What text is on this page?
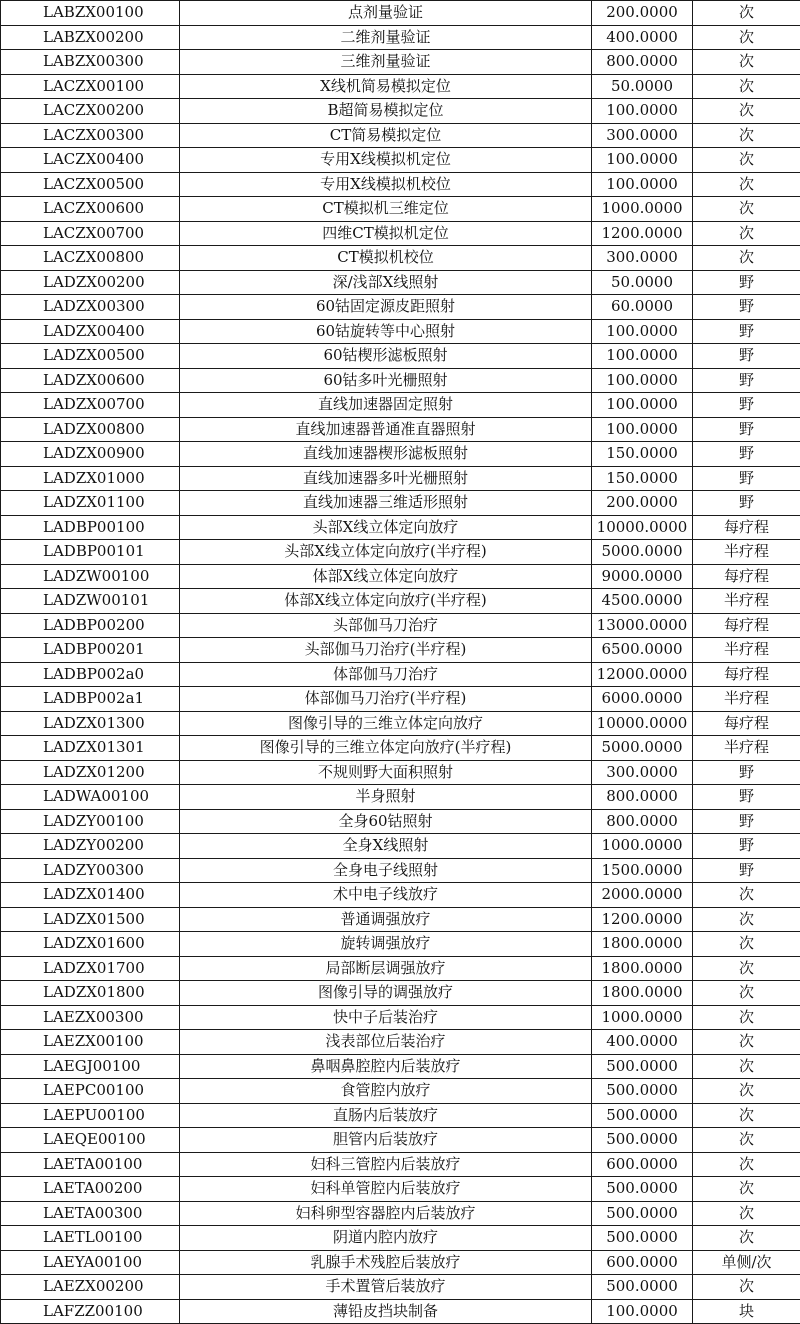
LABZX00100	点剂量验证	200.0000	次
LABZX00200	二维剂量验证	400.0000	次
LABZX00300	三维剂量验证	800.0000	次
LACZX00100	X线机简易模拟定位	50.0000	次
LACZX00200	B超简易模拟定位	100.0000	次
LACZX00300	CT简易模拟定位	300.0000	次
LACZX00400	专用X线模拟机定位	100.0000	次
LACZX00500	专用X线模拟机校位	100.0000	次
LACZX00600	CT模拟机三维定位	1000.0000	次
LACZX00700	四维CT模拟机定位	1200.0000	次
LACZX00800	CT模拟机校位	300.0000	次
LADZX00200	深/浅部X线照射	50.0000	野
LADZX00300	60钴固定源皮距照射	60.0000	野
LADZX00400	60钴旋转等中心照射	100.0000	野
LADZX00500	60钴楔形滤板照射	100.0000	野
LADZX00600	60钴多叶光栅照射	100.0000	野
LADZX00700	直线加速器固定照射	100.0000	野
LADZX00800	直线加速器普通准直器照射	100.0000	野
LADZX00900	直线加速器楔形滤板照射	150.0000	野
LADZX01000	直线加速器多叶光栅照射	150.0000	野
LADZX01100	直线加速器三维适形照射	200.0000	野
LADBP00100	头部X线立体定向放疗	10000.0000	每疗程
LADBP00101	头部X线立体定向放疗(半疗程)	5000.0000	半疗程
LADZW00100	体部X线立体定向放疗	9000.0000	每疗程
LADZW00101	体部X线立体定向放疗(半疗程)	4500.0000	半疗程
LADBP00200	头部伽马刀治疗	13000.0000	每疗程
LADBP00201	头部伽马刀治疗(半疗程)	6500.0000	半疗程
LADBP002a0	体部伽马刀治疗	12000.0000	每疗程
LADBP002a1	体部伽马刀治疗(半疗程)	6000.0000	半疗程
LADZX01300	图像引导的三维立体定向放疗	10000.0000	每疗程
LADZX01301	图像引导的三维立体定向放疗(半疗程)	5000.0000	半疗程
LADZX01200	不规则野大面积照射	300.0000	野
LADWA00100	半身照射	800.0000	野
LADZY00100	全身60钴照射	800.0000	野
LADZY00200	全身X线照射	1000.0000	野
LADZY00300	全身电子线照射	1500.0000	野
LADZX01400	术中电子线放疗	2000.0000	次
LADZX01500	普通调强放疗	1200.0000	次
LADZX01600	旋转调强放疗	1800.0000	次
LADZX01700	局部断层调强放疗	1800.0000	次
LADZX01800	图像引导的调强放疗	1800.0000	次
LAEZX00300	快中子后装治疗	1000.0000	次
LAEZX00100	浅表部位后装治疗	400.0000	次
LAEGJ00100	鼻咽鼻腔腔内后装放疗	500.0000	次
LAEPC00100	食管腔内放疗	500.0000	次
LAEPU00100	直肠内后装放疗	500.0000	次
LAEQE00100	胆管内后装放疗	500.0000	次
LAETA00100	妇科三管腔内后装放疗	600.0000	次
LAETA00200	妇科单管腔内后装放疗	500.0000	次
LAETA00300	妇科卵型容器腔内后装放疗	500.0000	次
LAETL00100	阴道内腔内放疗	500.0000	次
LAEYA00100	乳腺手术残腔后装放疗	600.0000	单侧/次
LAEZX00200	手术置管后装放疗	500.0000	次
LAFZZ00100	薄铅皮挡块制备	100.0000	块
